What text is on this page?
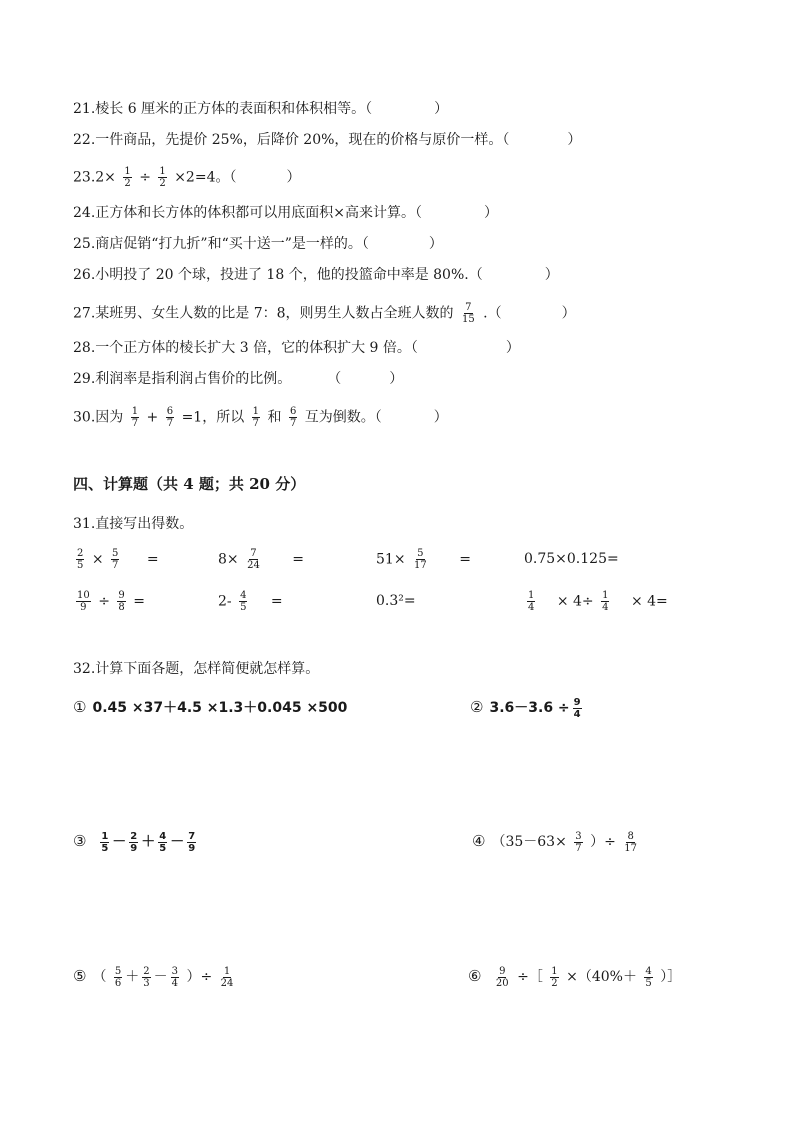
21.棱长 6 厘米的正方体的表面积和体积相等。（	）
22.一件商品，先提价 25%，后降价 20%，现在的价格与原价一样。（	）
$23.2\times \frac{1}{2} \div \frac{1}{2} \times 2=4$。（	）
24.正方体和长方体的体积都可以用底面积×高来计算。（	）
25.商店促销“打九折”和“买十送一”是一样的。（	）
26.小明投了 20 个球，投进了 18 个，他的投篮命中率是 80%.（	）
27.某班男、女生人数的比是 7：8，则男生人数占全班人数的 $\frac{7}{15}$ .（	）
28.一个正方体的棱长扩大 3 倍，它的体积扩大 9 倍。（	）
29.利润率是指利润占售价的比例。	（	）
30.因为 $\frac{1}{7} + \frac{6}{7} =1$，所以 $\frac{1}{7}$ 和 $\frac{6}{7}$ 互为倒数。（	）
四、计算题（共 4 题；共 20 分）
31.直接写出得数。
$\frac{2}{5} \times \frac{5}{7}$ =	$8\times \frac{7}{24}$ =	$51\times \frac{5}{17}$ =	0.75×0.125=
$\frac{10}{9} \div \frac{9}{8}$ =	$2- \frac{4}{5}$ =	0.3²=	$\frac{1}{4} \times 4\div \frac{1}{4} \times 4=$
32.计算下面各题，怎样简便就怎样算。
① 0.45 ×37＋4.5 ×1.3＋0.045 ×500	② $3.6-3.6 \div \frac{9}{4}$
③ $\frac{1}{5} - \frac{2}{9} + \frac{4}{5} - \frac{7}{9}$	④ （$35-63\times \frac{3}{7}$ ）÷ $\frac{8}{17}$
⑤ （ $\frac{5}{6} + \frac{2}{3} - \frac{3}{4}$ ）÷ $\frac{1}{24}$	⑥ $\frac{9}{20}$ ÷［ $\frac{1}{2} \times(40\%+ \frac{4}{5}$ ）］
